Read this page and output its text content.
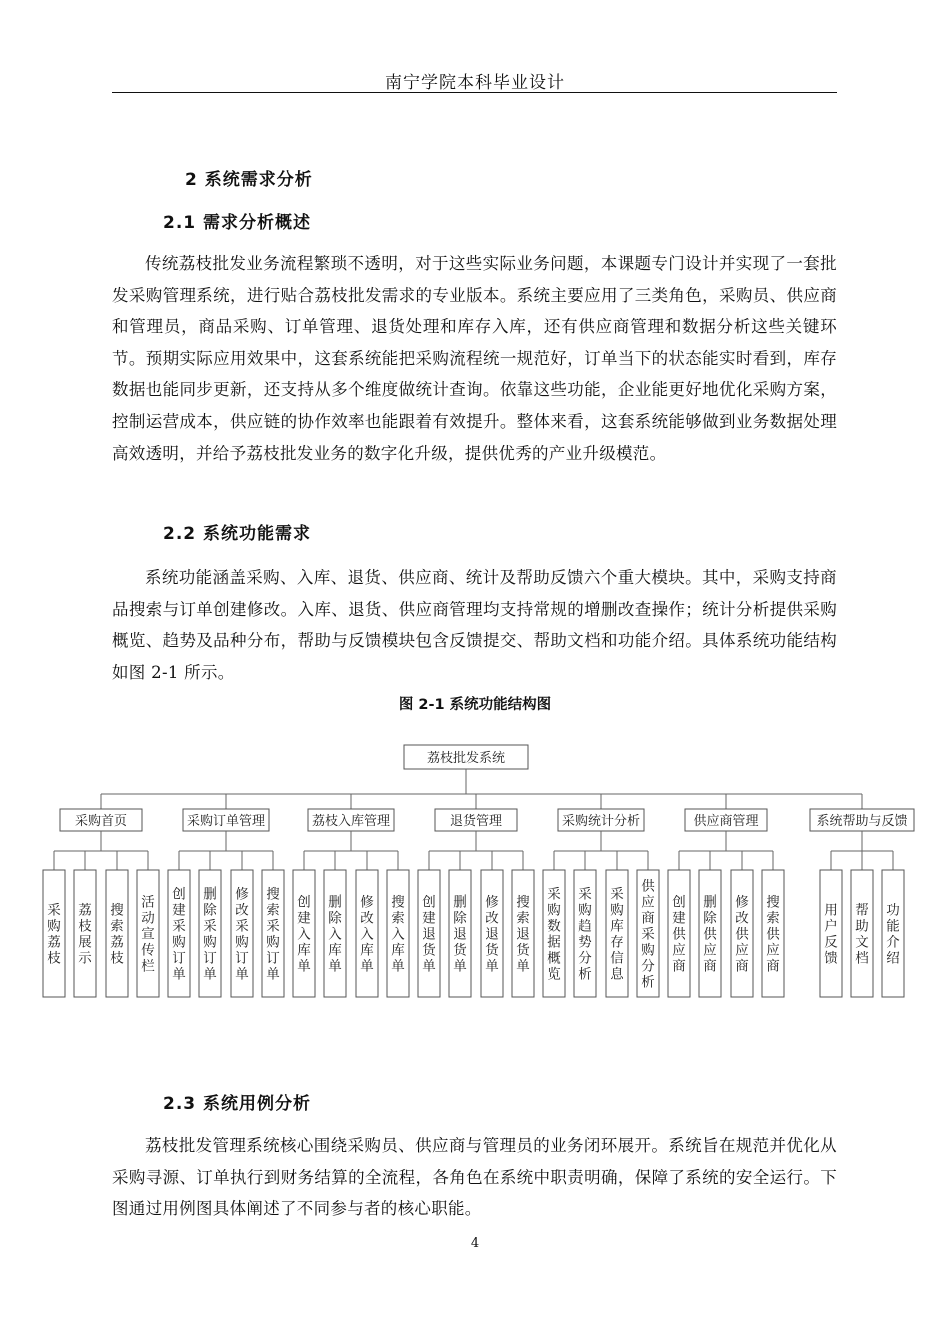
南宁学院本科毕业设计
2 系统需求分析
2.1 需求分析概述

传统荔枝批发业务流程繁琐不透明，对于这些实际业务问题，本课题专门设计并实现了一套批发采购管理系统，进行贴合荔枝批发需求的专业版本。系统主要应用了三类角色，采购员、供应商和管理员，商品采购、订单管理、退货处理和库存入库，还有供应商管理和数据分析这些关键环节。预期实际应用效果中，这套系统能把采购流程统一规范好，订单当下的状态能实时看到，库存数据也能同步更新，还支持从多个维度做统计查询。依靠这些功能，企业能更好地优化采购方案，控制运营成本，供应链的协作效率也能跟着有效提升。整体来看，这套系统能够做到业务数据处理高效透明，并给予荔枝批发业务的数字化升级，提供优秀的产业升级模范。

2.2 系统功能需求

系统功能涵盖采购、入库、退货、供应商、统计及帮助反馈六个重大模块。其中，采购支持商品搜索与订单创建修改。入库、退货、供应商管理均支持常规的增删改查操作；统计分析提供采购概览、趋势及品种分布，帮助与反馈模块包含反馈提交、帮助文档和功能介绍。具体系统功能结构如图 2-1 所示。

图 2-1 系统功能结构图
荔枝批发系统
采购首页
采购荔枝
荔枝展示
搜索荔枝
活动宣传栏
采购订单管理
创建采购订单
删除采购订单
修改采购订单
搜索采购订单
荔枝入库管理
创建入库单
删除入库单
修改入库单
搜索入库单
退货管理
创建退货单
删除退货单
修改退货单
搜索退货单
采购统计分析
采购数据概览
采购趋势分析
采购库存信息
供应商采购分析
供应商管理
创建供应商
删除供应商
修改供应商
搜索供应商
系统帮助与反馈
用户反馈
帮助文档
功能介绍
2.3 系统用例分析

荔枝批发管理系统核心围绕采购员、供应商与管理员的业务闭环展开。系统旨在规范并优化从采购寻源、订单执行到财务结算的全流程，各角色在系统中职责明确，保障了系统的安全运行。下图通过用例图具体阐述了不同参与者的核心职能。

4
